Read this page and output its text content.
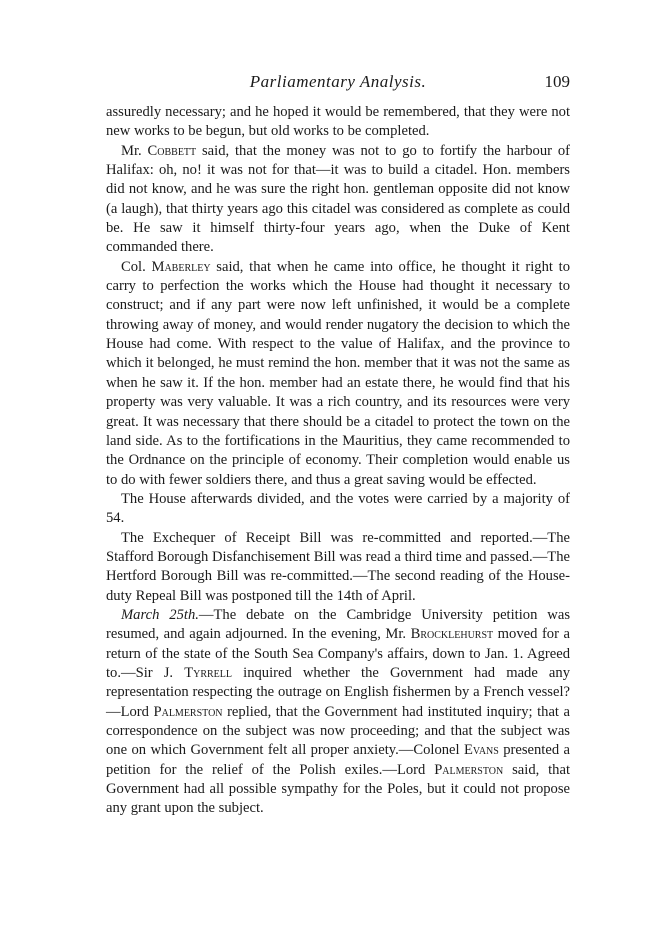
Parliamentary Analysis.	109

assuredly necessary; and he hoped it would be remembered, that they were not new works to be begun, but old works to be completed.

Mr. Cobbett said, that the money was not to go to fortify the harbour of Halifax: oh, no! it was not for that—it was to build a citadel. Hon. members did not know, and he was sure the right hon. gentleman opposite did not know (a laugh), that thirty years ago this citadel was considered as complete as could be. He saw it himself thirty-four years ago, when the Duke of Kent commanded there.

Col. Maberley said, that when he came into office, he thought it right to carry to perfection the works which the House had thought it necessary to construct; and if any part were now left unfinished, it would be a complete throwing away of money, and would render nugatory the decision to which the House had come. With respect to the value of Halifax, and the province to which it belonged, he must remind the hon. member that it was not the same as when he saw it. If the hon. member had an estate there, he would find that his property was very valuable. It was a rich country, and its resources were very great. It was necessary that there should be a citadel to protect the town on the land side. As to the fortifications in the Mauritius, they came recommended to the Ordnance on the principle of economy. Their completion would enable us to do with fewer soldiers there, and thus a great saving would be effected.

The House afterwards divided, and the votes were carried by a majority of 54.

The Exchequer of Receipt Bill was re-committed and reported.—The Stafford Borough Disfanchisement Bill was read a third time and passed.—The Hertford Borough Bill was re-committed.—The second reading of the House-duty Repeal Bill was postponed till the 14th of April.

March 25th.—The debate on the Cambridge University petition was resumed, and again adjourned. In the evening, Mr. Brocklehurst moved for a return of the state of the South Sea Company's affairs, down to Jan. 1. Agreed to.—Sir J. Tyrrell inquired whether the Government had made any representation respecting the outrage on English fishermen by a French vessel?—Lord Palmerston replied, that the Government had instituted inquiry; that a correspondence on the subject was now proceeding; and that the subject was one on which Government felt all proper anxiety.—Colonel Evans presented a petition for the relief of the Polish exiles.—Lord Palmerston said, that Government had all possible sympathy for the Poles, but it could not propose any grant upon the subject.
